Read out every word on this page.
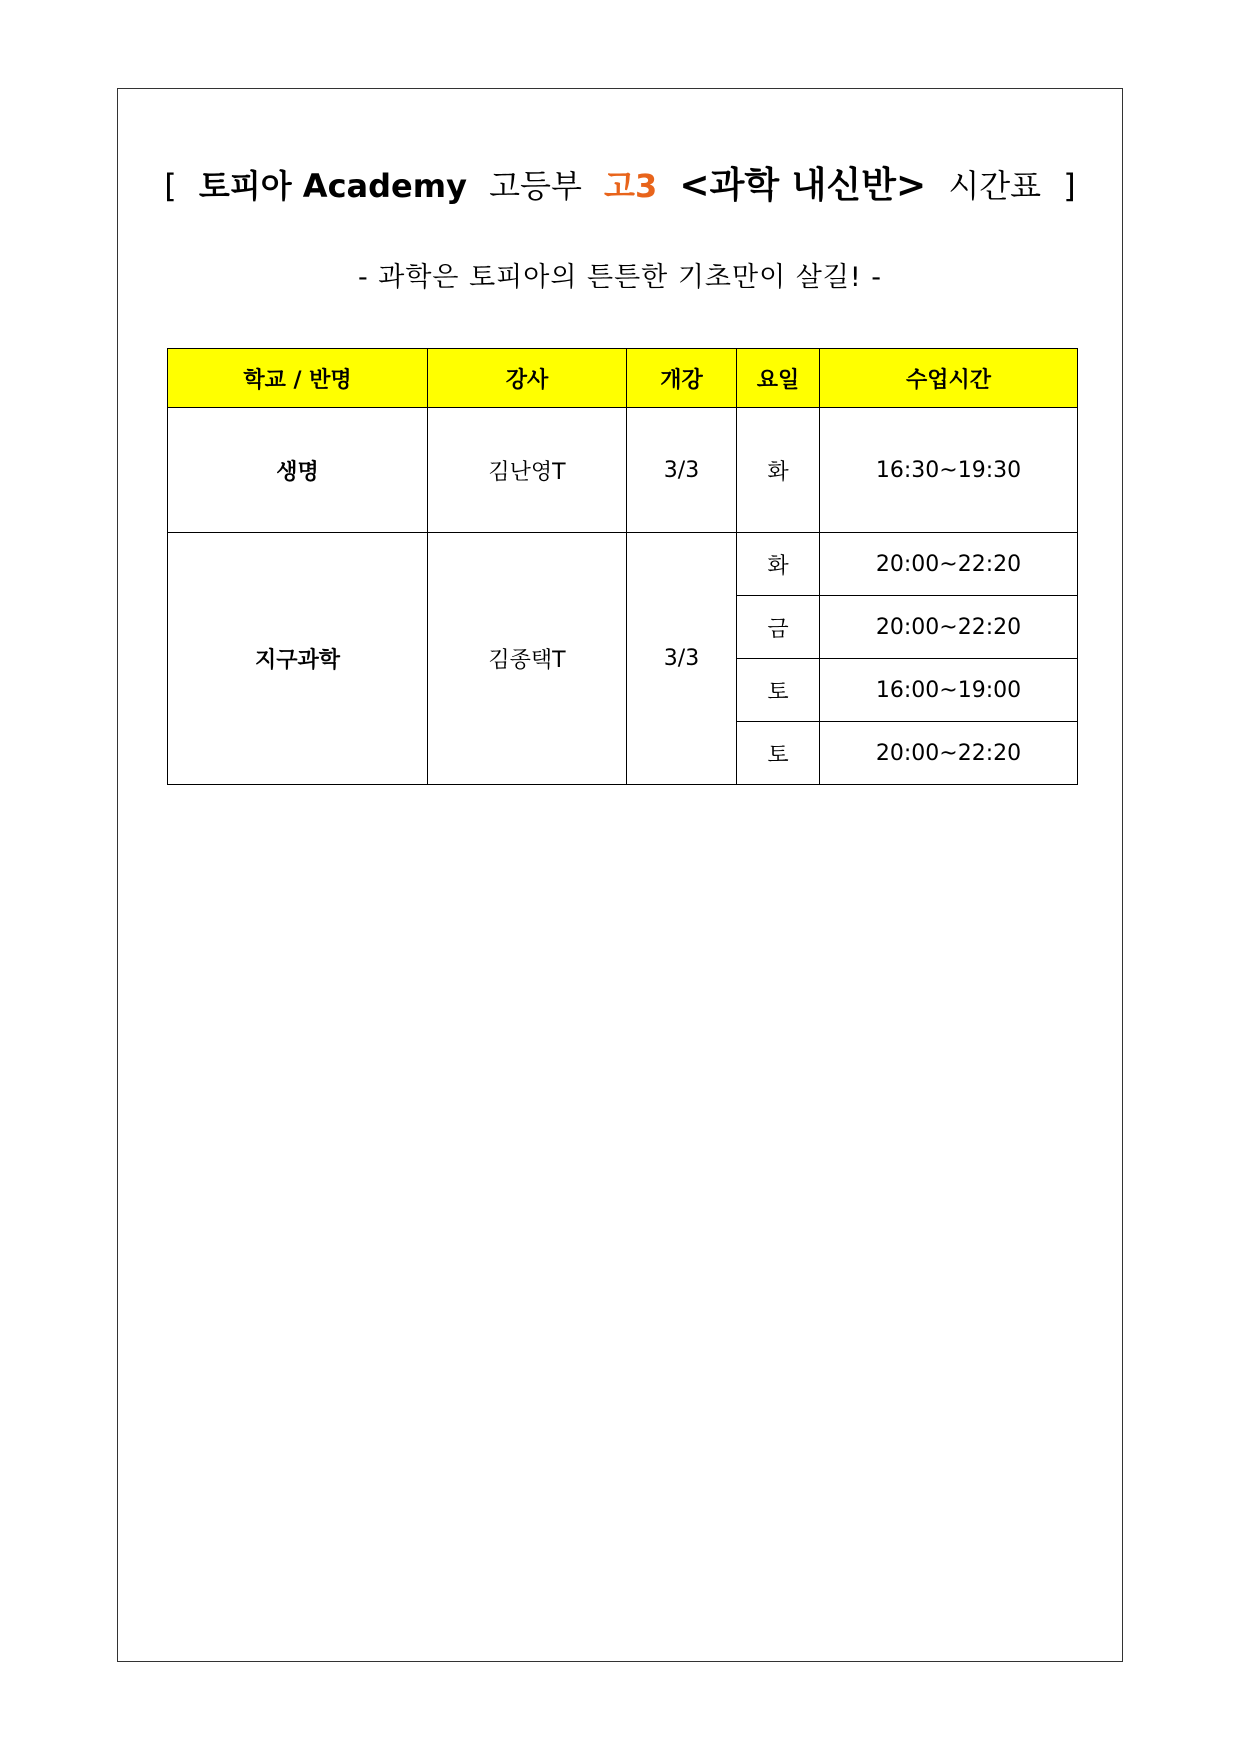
[ 토피아 Academy 고등부 고3 <과학 내신반> 시간표 ]
- 과학은 토피아의 튼튼한 기초만이 살길! -
학교 / 반명	강사	개강	요일	수업시간
생명	김난영T	3/3	화	16:30~19:30
지구과학	김종택T	3/3	화	20:00~22:20
			금	20:00~22:20
			토	16:00~19:00
			토	20:00~22:20
